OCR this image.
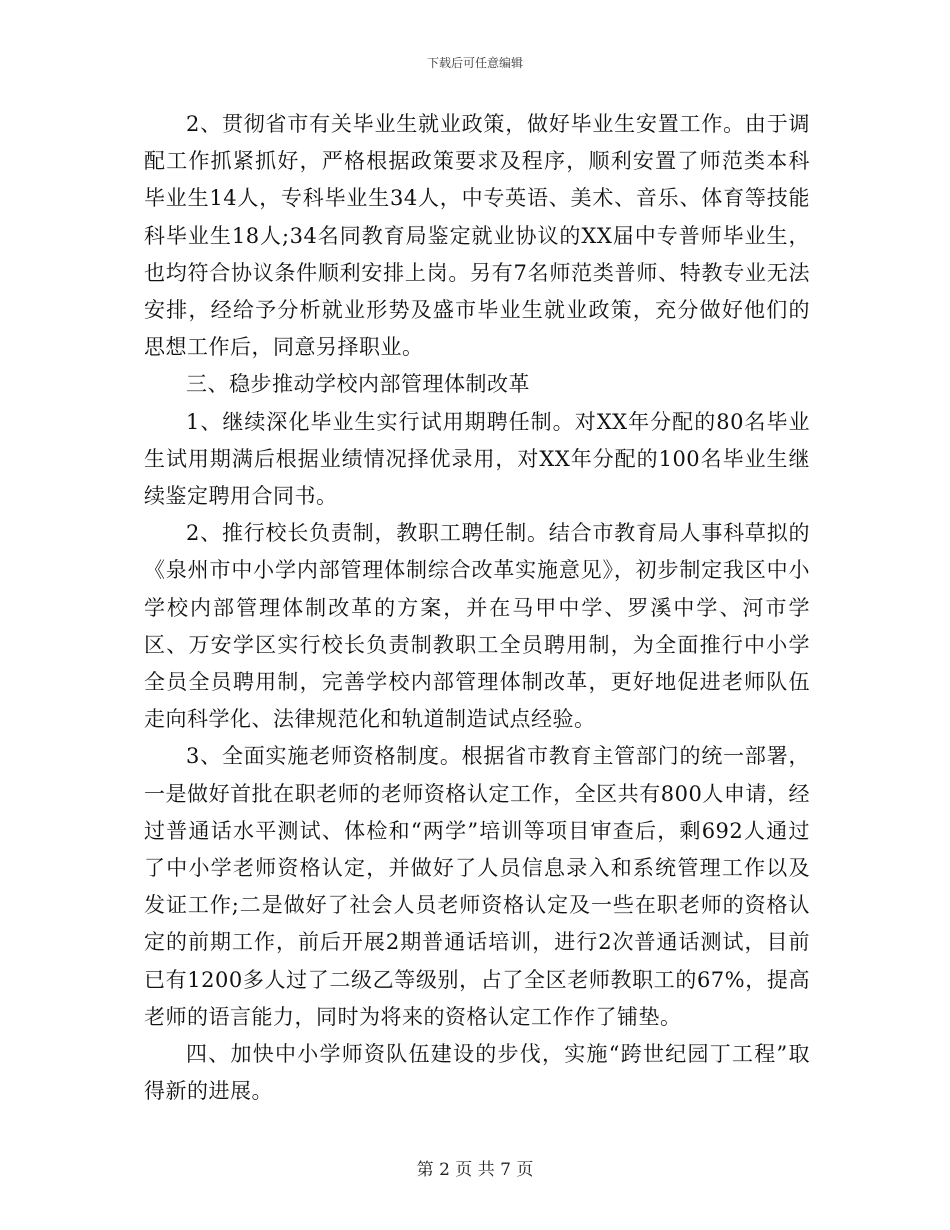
下载后可任意编辑

2、贯彻省市有关毕业生就业政策，做好毕业生安置工作。由于调配工作抓紧抓好，严格根据政策要求及程序，顺利安置了师范类本科毕业生14人，专科毕业生34人，中专英语、美术、音乐、体育等技能科毕业生18人;34名同教育局鉴定就业协议的XX届中专普师毕业生，也均符合协议条件顺利安排上岗。另有7名师范类普师、特教专业无法安排，经给予分析就业形势及盛市毕业生就业政策，充分做好他们的思想工作后，同意另择职业。

三、稳步推动学校内部管理体制改革

1、继续深化毕业生实行试用期聘任制。对XX年分配的80名毕业生试用期满后根据业绩情况择优录用，对XX年分配的100名毕业生继续鉴定聘用合同书。

2、推行校长负责制，教职工聘任制。结合市教育局人事科草拟的《泉州市中小学内部管理体制综合改革实施意见》，初步制定我区中小学校内部管理体制改革的方案，并在马甲中学、罗溪中学、河市学区、万安学区实行校长负责制教职工全员聘用制，为全面推行中小学全员全员聘用制，完善学校内部管理体制改革，更好地促进老师队伍走向科学化、法律规范化和轨道制造试点经验。

3、全面实施老师资格制度。根据省市教育主管部门的统一部署，一是做好首批在职老师的老师资格认定工作，全区共有800人申请，经过普通话水平测试、体检和“两学”培训等项目审查后，剩692人通过了中小学老师资格认定，并做好了人员信息录入和系统管理工作以及发证工作;二是做好了社会人员老师资格认定及一些在职老师的资格认定的前期工作，前后开展2期普通话培训，进行2次普通话测试，目前已有1200多人过了二级乙等级别，占了全区老师教职工的67%，提高老师的语言能力，同时为将来的资格认定工作作了铺垫。

四、加快中小学师资队伍建设的步伐，实施“跨世纪园丁工程”取得新的进展。

第 2 页 共 7 页
